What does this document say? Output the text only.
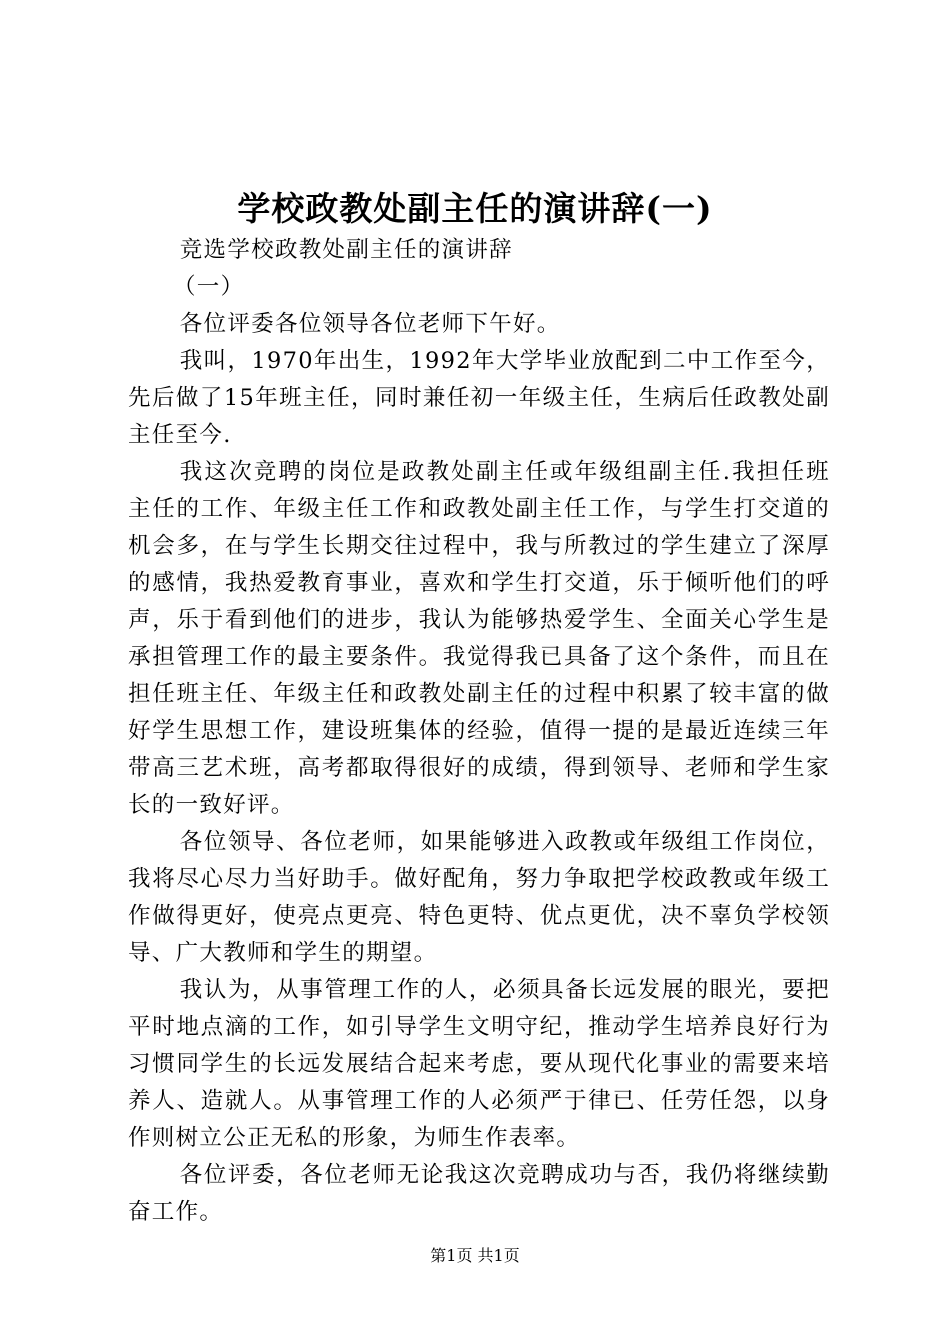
学校政教处副主任的演讲辞(一)

竞选学校政教处副主任的演讲辞

（一）

各位评委各位领导各位老师下午好。

我叫，1970年出生，1992年大学毕业放配到二中工作至今，先后做了15年班主任，同时兼任初一年级主任，生病后任政教处副主任至今.

我这次竞聘的岗位是政教处副主任或年级组副主任.我担任班主任的工作、年级主任工作和政教处副主任工作，与学生打交道的机会多，在与学生长期交往过程中，我与所教过的学生建立了深厚的感情，我热爱教育事业，喜欢和学生打交道，乐于倾听他们的呼声，乐于看到他们的进步，我认为能够热爱学生、全面关心学生是承担管理工作的最主要条件。我觉得我已具备了这个条件，而且在担任班主任、年级主任和政教处副主任的过程中积累了较丰富的做好学生思想工作，建设班集体的经验，值得一提的是最近连续三年带高三艺术班，高考都取得很好的成绩，得到领导、老师和学生家长的一致好评。

各位领导、各位老师，如果能够进入政教或年级组工作岗位，我将尽心尽力当好助手。做好配角，努力争取把学校政教或年级工作做得更好，使亮点更亮、特色更特、优点更优，决不辜负学校领导、广大教师和学生的期望。

我认为，从事管理工作的人，必须具备长远发展的眼光，要把平时地点滴的工作，如引导学生文明守纪，推动学生培养良好行为习惯同学生的长远发展结合起来考虑，要从现代化事业的需要来培养人、造就人。从事管理工作的人必须严于律已、任劳任怨，以身作则树立公正无私的形象，为师生作表率。

各位评委，各位老师无论我这次竞聘成功与否，我仍将继续勤奋工作。

第1页 共1页
